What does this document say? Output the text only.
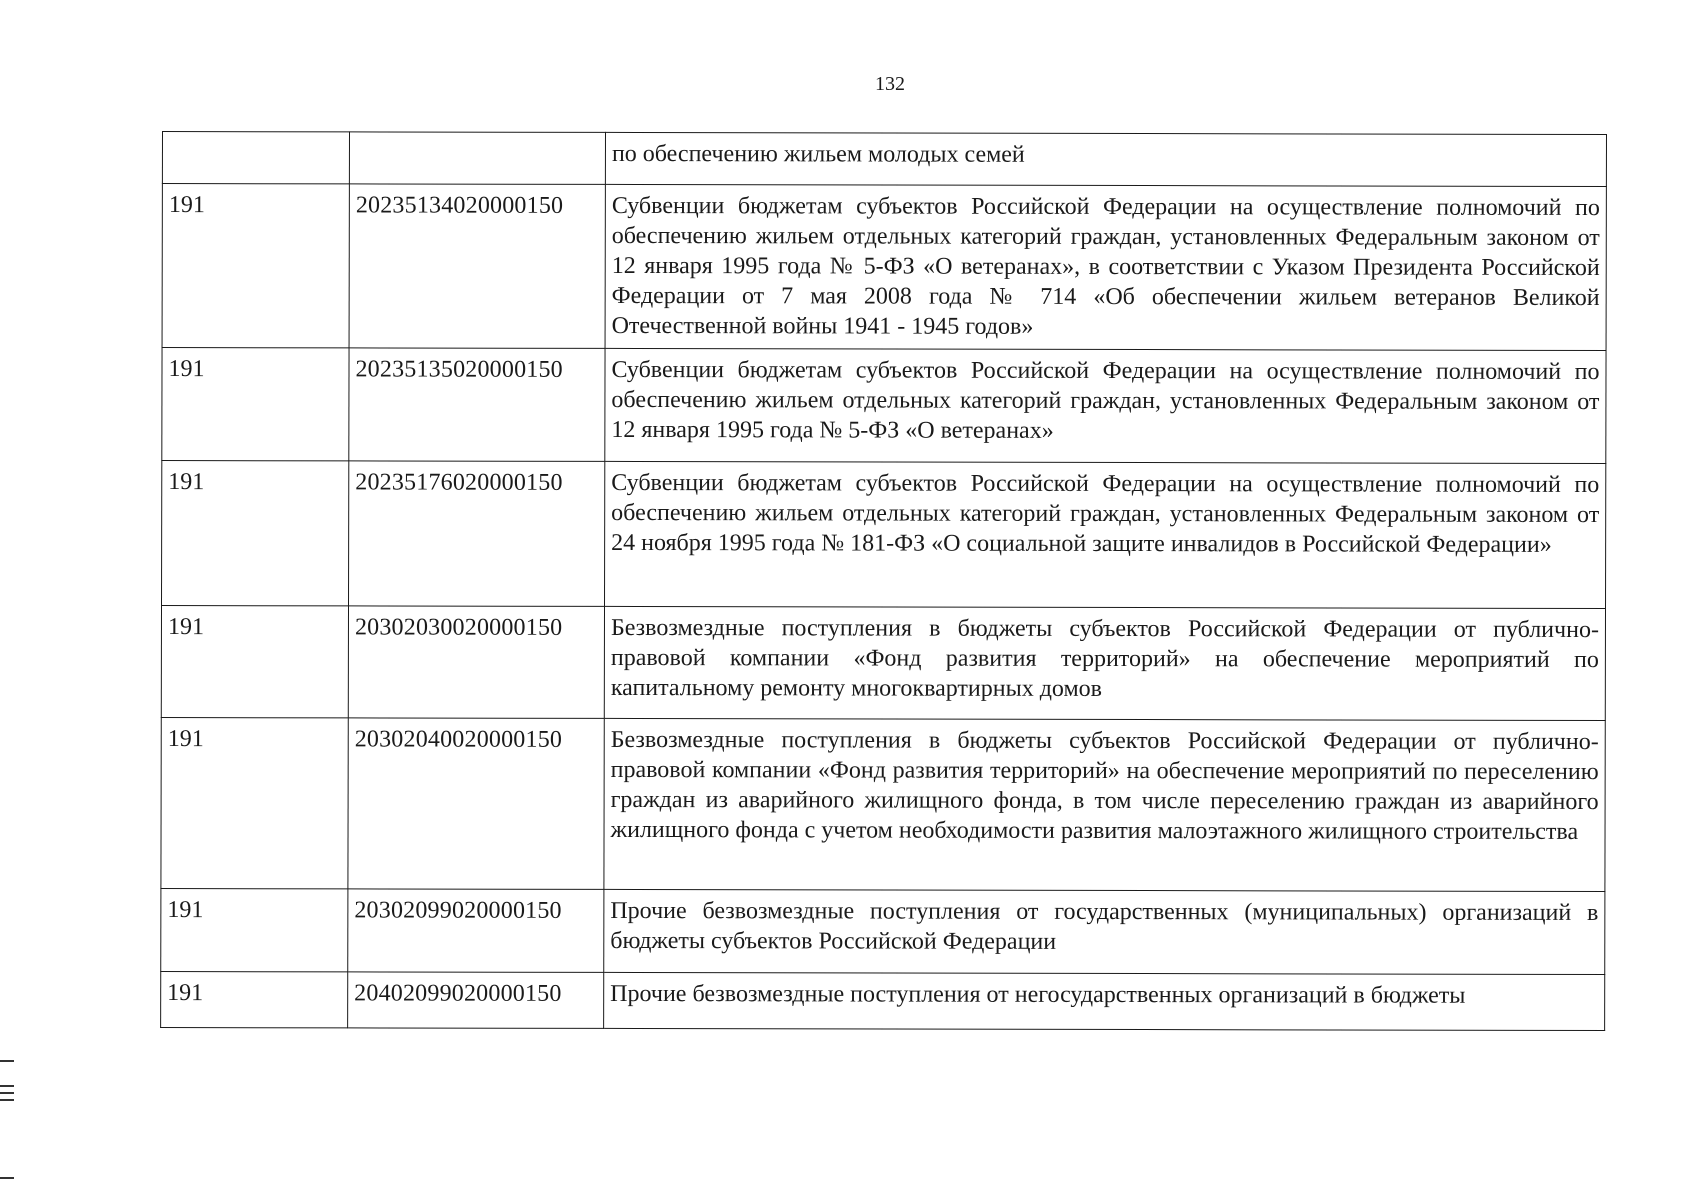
132
		по обеспечению жильем молодых семей
191	20235134020000150	Субвенции бюджетам субъектов Российской Федерации на осуществление полномочий по обеспечению жильем отдельных категорий граждан, установленных Федеральным законом от 12 января 1995 года № 5-ФЗ «О ветеранах», в соответствии с Указом Президента Российской Федерации от 7 мая 2008 года № 714 «Об обеспечении жильем ветеранов Великой Отечественной войны 1941 - 1945 годов»
191	20235135020000150	Субвенции бюджетам субъектов Российской Федерации на осуществление полномочий по обеспечению жильем отдельных категорий граждан, установленных Федеральным законом от 12 января 1995 года № 5-ФЗ «О ветеранах»
191	20235176020000150	Субвенции бюджетам субъектов Российской Федерации на осуществление полномочий по обеспечению жильем отдельных категорий граждан, установленных Федеральным законом от 24 ноября 1995 года № 181-ФЗ «О социальной защите инвалидов в Российской Федерации»
191	20302030020000150	Безвозмездные поступления в бюджеты субъектов Российской Федерации от публично-правовой компании «Фонд развития территорий» на обеспечение мероприятий по капитальному ремонту многоквартирных домов
191	20302040020000150	Безвозмездные поступления в бюджеты субъектов Российской Федерации от публично-правовой компании «Фонд развития территорий» на обеспечение мероприятий по переселению граждан из аварийного жилищного фонда, в том числе переселению граждан из аварийного жилищного фонда с учетом необходимости развития малоэтажного жилищного строительства
191	20302099020000150	Прочие безвозмездные поступления от государственных (муниципальных) организаций в бюджеты субъектов Российской Федерации
191	20402099020000150	Прочие безвозмездные поступления от негосударственных организаций в бюджеты
